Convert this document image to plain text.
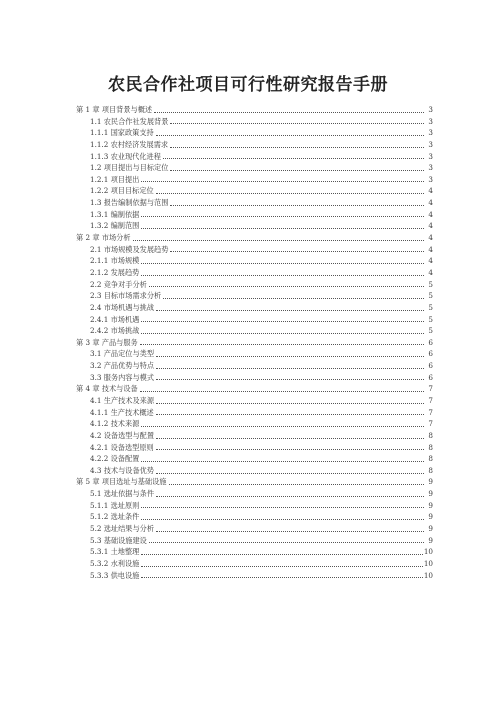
农民合作社项目可行性研究报告手册
第 1 章 项目背景与概述	3
1.1 农民合作社发展背景	3
1.1.1 国家政策支持	3
1.1.2 农村经济发展需求	3
1.1.3 农业现代化进程	3
1.2 项目提出与目标定位	3
1.2.1 项目提出	3
1.2.2 项目目标定位	4
1.3 报告编制依据与范围	4
1.3.1 编制依据	4
1.3.2 编制范围	4
第 2 章 市场分析	4
2.1 市场规模及发展趋势	4
2.1.1 市场规模	4
2.1.2 发展趋势	4
2.2 竞争对手分析	5
2.3 目标市场需求分析	5
2.4 市场机遇与挑战	5
2.4.1 市场机遇	5
2.4.2 市场挑战	5
第 3 章 产品与服务	6
3.1 产品定位与类型	6
3.2 产品优势与特点	6
3.3 服务内容与模式	6
第 4 章 技术与设备	7
4.1 生产技术及来源	7
4.1.1 生产技术概述	7
4.1.2 技术来源	7
4.2 设备选型与配置	8
4.2.1 设备选型原则	8
4.2.2 设备配置	8
4.3 技术与设备优势	8
第 5 章 项目选址与基础设施	9
5.1 选址依据与条件	9
5.1.1 选址原则	9
5.1.2 选址条件	9
5.2 选址结果与分析	9
5.3 基础设施建设	9
5.3.1 土地整理	10
5.3.2 水利设施	10
5.3.3 供电设施	10
